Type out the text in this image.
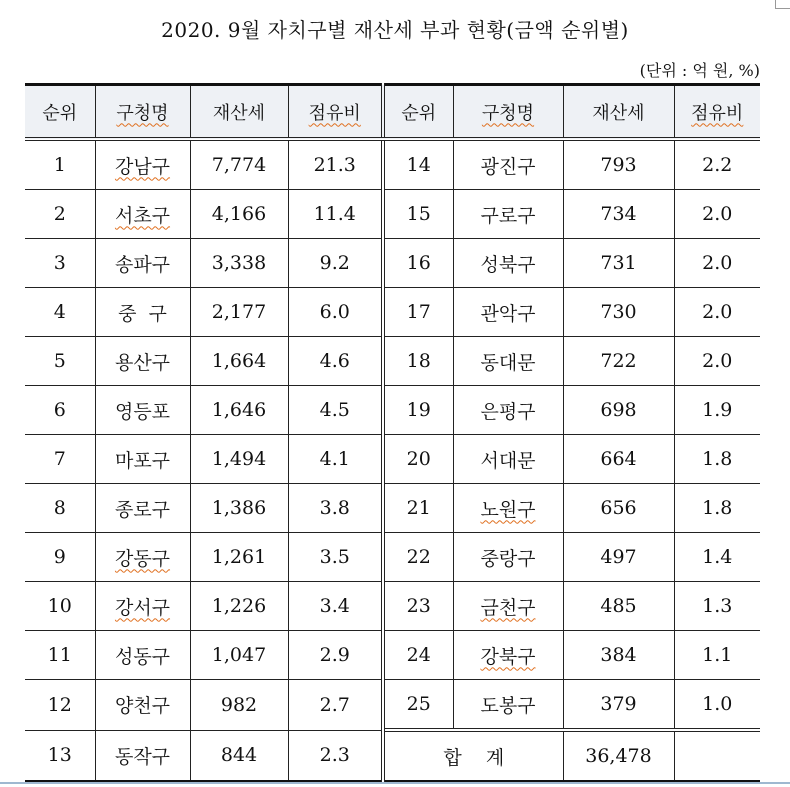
2020. 9월 자치구별 재산세 부과 현황(금액 순위별)
(단위 : 억 원, %)
순위	구청명	재산세	점유비	순위	구청명	재산세	점유비
1	강남구	7,774	21.3	14	광진구	793	2.2
2	서초구	4,166	11.4	15	구로구	734	2.0
3	송파구	3,338	9.2	16	성북구	731	2.0
4	중  구	2,177	6.0	17	관악구	730	2.0
5	용산구	1,664	4.6	18	동대문	722	2.0
6	영등포	1,646	4.5	19	은평구	698	1.9
7	마포구	1,494	4.1	20	서대문	664	1.8
8	종로구	1,386	3.8	21	노원구	656	1.8
9	강동구	1,261	3.5	22	중랑구	497	1.4
10	강서구	1,226	3.4	23	금천구	485	1.3
11	성동구	1,047	2.9	24	강북구	384	1.1
12	양천구	982	2.7	25	도봉구	379	1.0
13	동작구	844	2.3	합    계		36,478	
